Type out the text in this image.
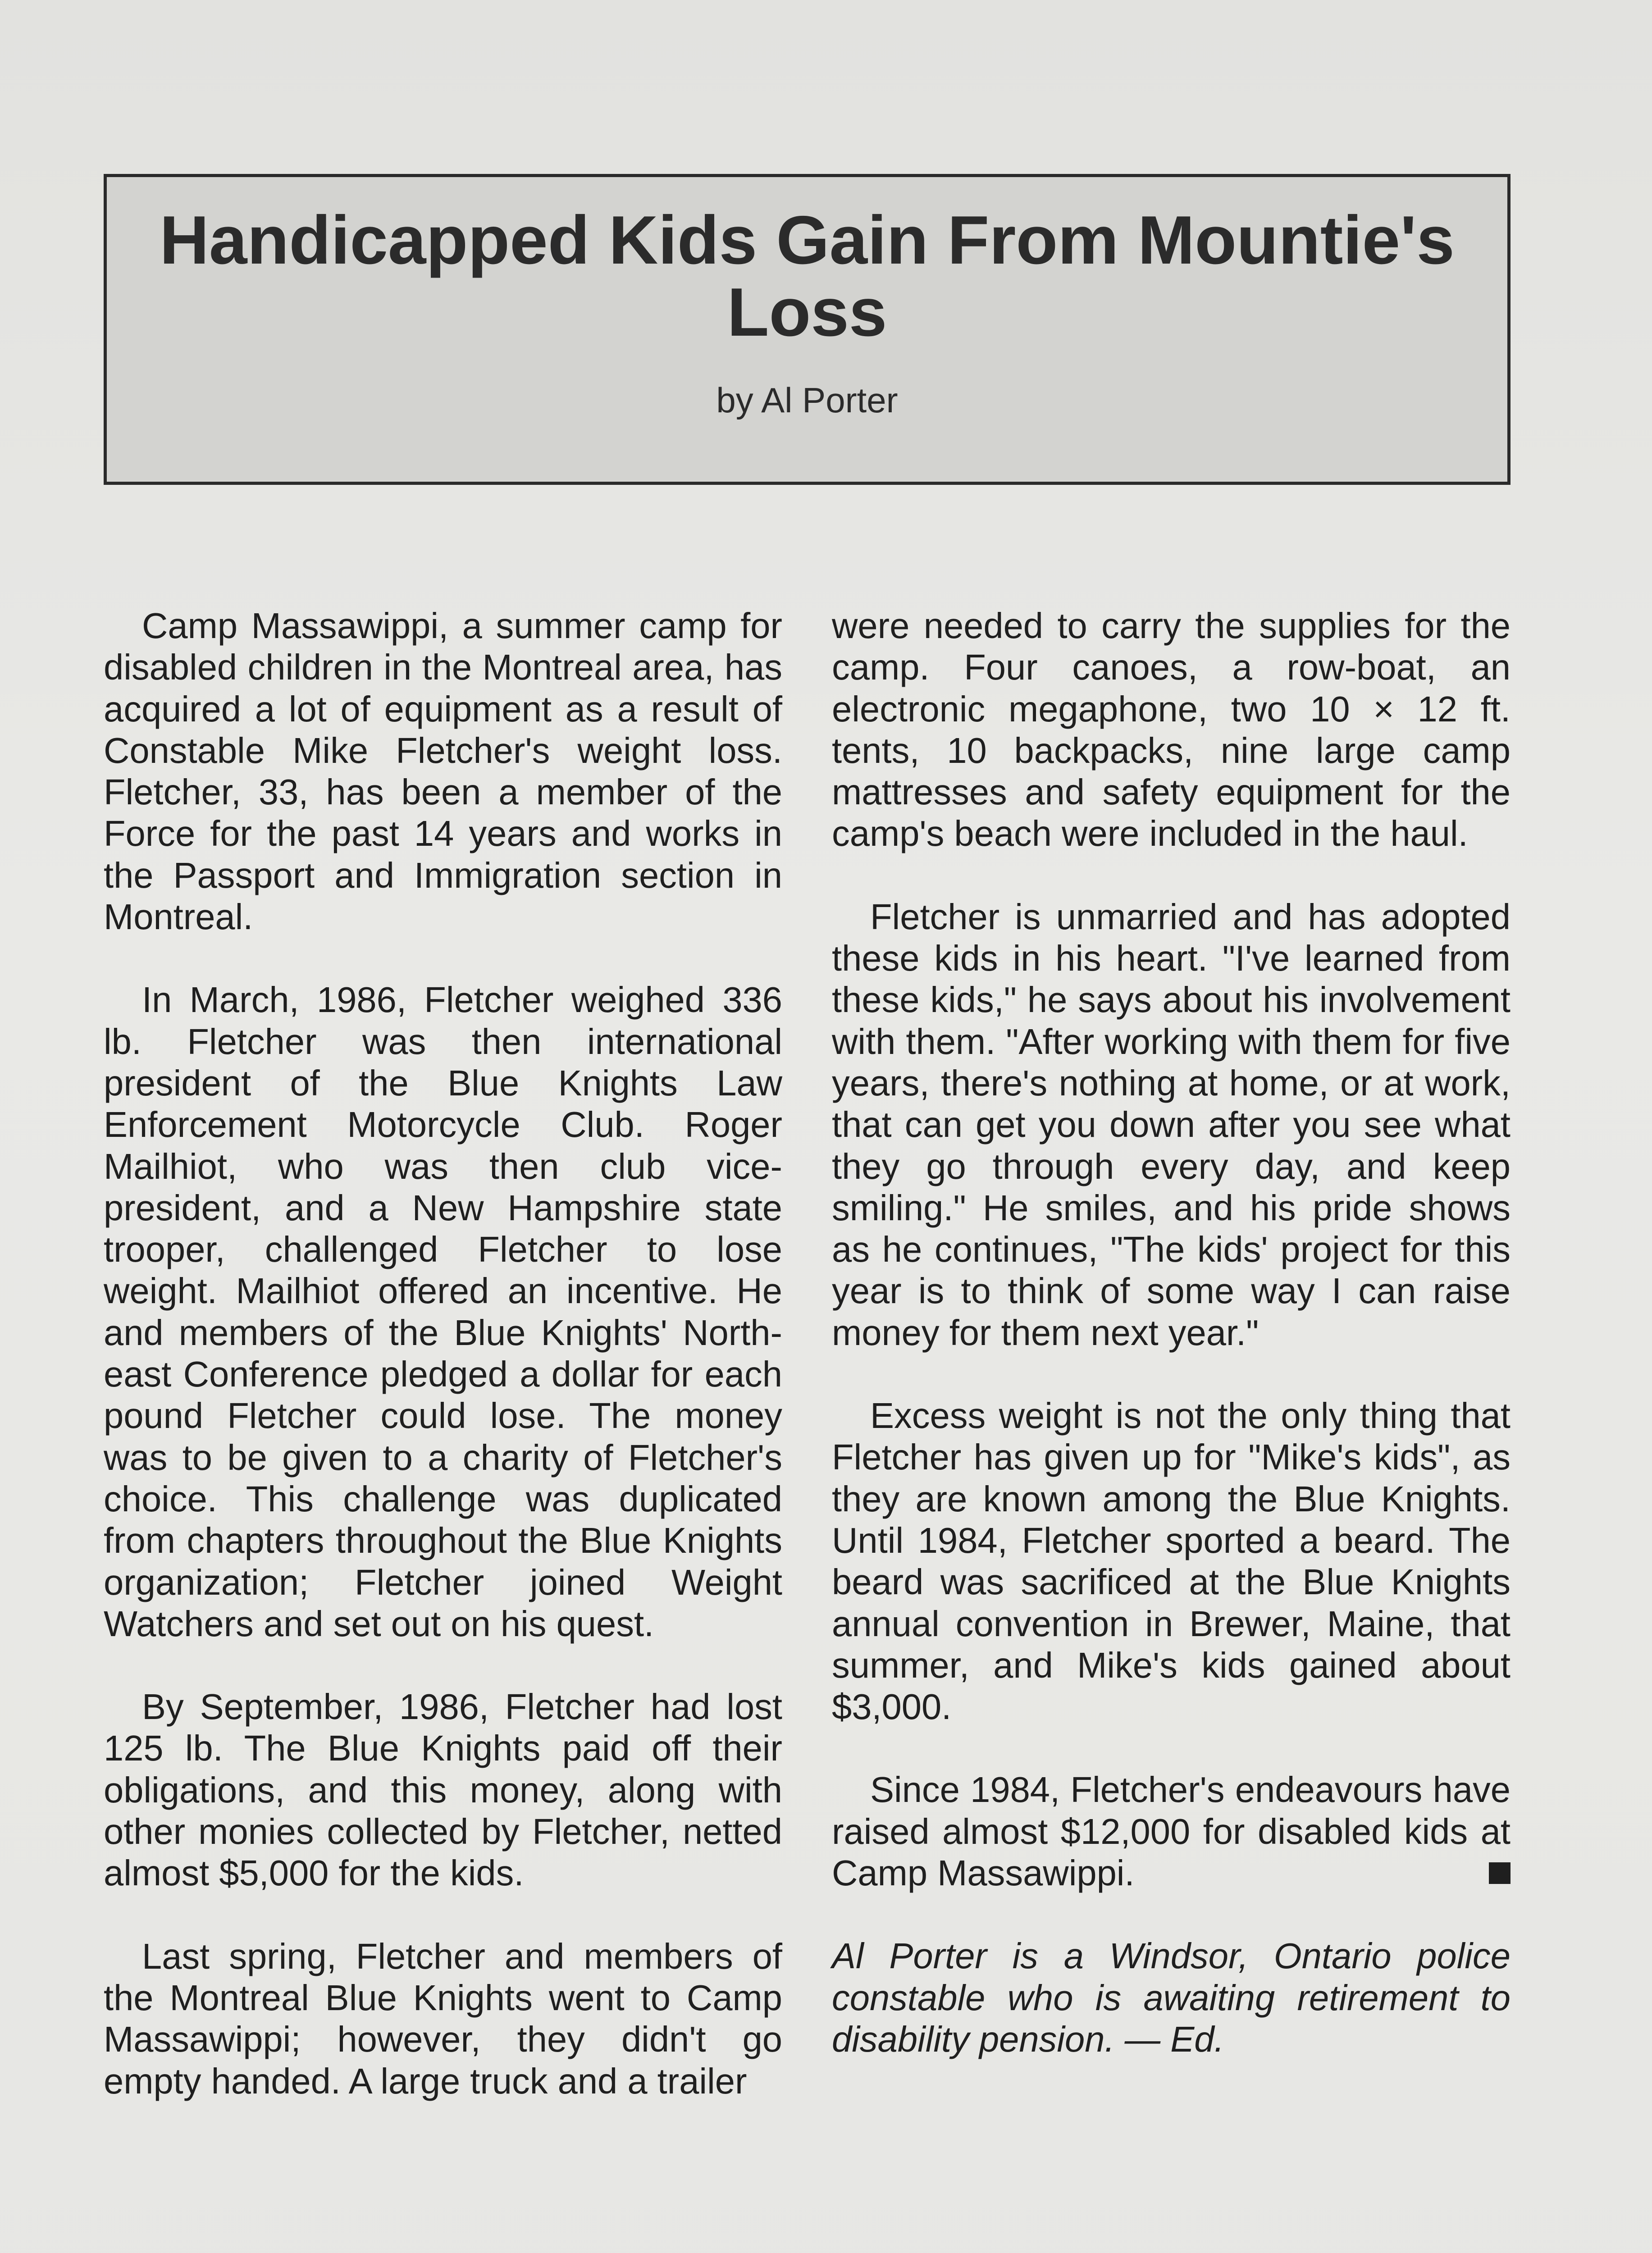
Handicapped Kids Gain From Mountie's Loss
by Al Porter

Camp Massawippi, a summer camp for disabled children in the Montreal area, has acquired a lot of equipment as a result of Constable Mike Fletcher's weight loss. Fletcher, 33, has been a member of the Force for the past 14 years and works in the Passport and Immigration section in Montreal.

In March, 1986, Fletcher weighed 336 lb. Fletcher was then international president of the Blue Knights Law Enforcement Motorcycle Club. Roger Mailhiot, who was then club vice-president, and a New Hampshire state trooper, challenged Fletcher to lose weight. Mailhiot offered an incentive. He and members of the Blue Knights' North-east Conference pledged a dollar for each pound Fletcher could lose. The money was to be given to a charity of Fletcher's choice. This challenge was duplicated from chapters throughout the Blue Knights organization; Fletcher joined Weight Watchers and set out on his quest.

By September, 1986, Fletcher had lost 125 lb. The Blue Knights paid off their obligations, and this money, along with other monies collected by Fletcher, netted almost $5,000 for the kids.

Last spring, Fletcher and members of the Montreal Blue Knights went to Camp Massawippi; however, they didn't go empty handed. A large truck and a trailer

were needed to carry the supplies for the camp. Four canoes, a row-boat, an electronic megaphone, two 10 × 12 ft. tents, 10 backpacks, nine large camp mattresses and safety equipment for the camp's beach were included in the haul.

Fletcher is unmarried and has adopted these kids in his heart. "I've learned from these kids," he says about his involvement with them. "After working with them for five years, there's nothing at home, or at work, that can get you down after you see what they go through every day, and keep smiling." He smiles, and his pride shows as he continues, "The kids' project for this year is to think of some way I can raise money for them next year."

Excess weight is not the only thing that Fletcher has given up for "Mike's kids", as they are known among the Blue Knights. Until 1984, Fletcher sported a beard. The beard was sacrificed at the Blue Knights annual convention in Brewer, Maine, that summer, and Mike's kids gained about $3,000.

Since 1984, Fletcher's endeavours have raised almost $12,000 for disabled kids at Camp Massawippi.

Al Porter is a Windsor, Ontario police constable who is awaiting retirement to disability pension. — Ed.
